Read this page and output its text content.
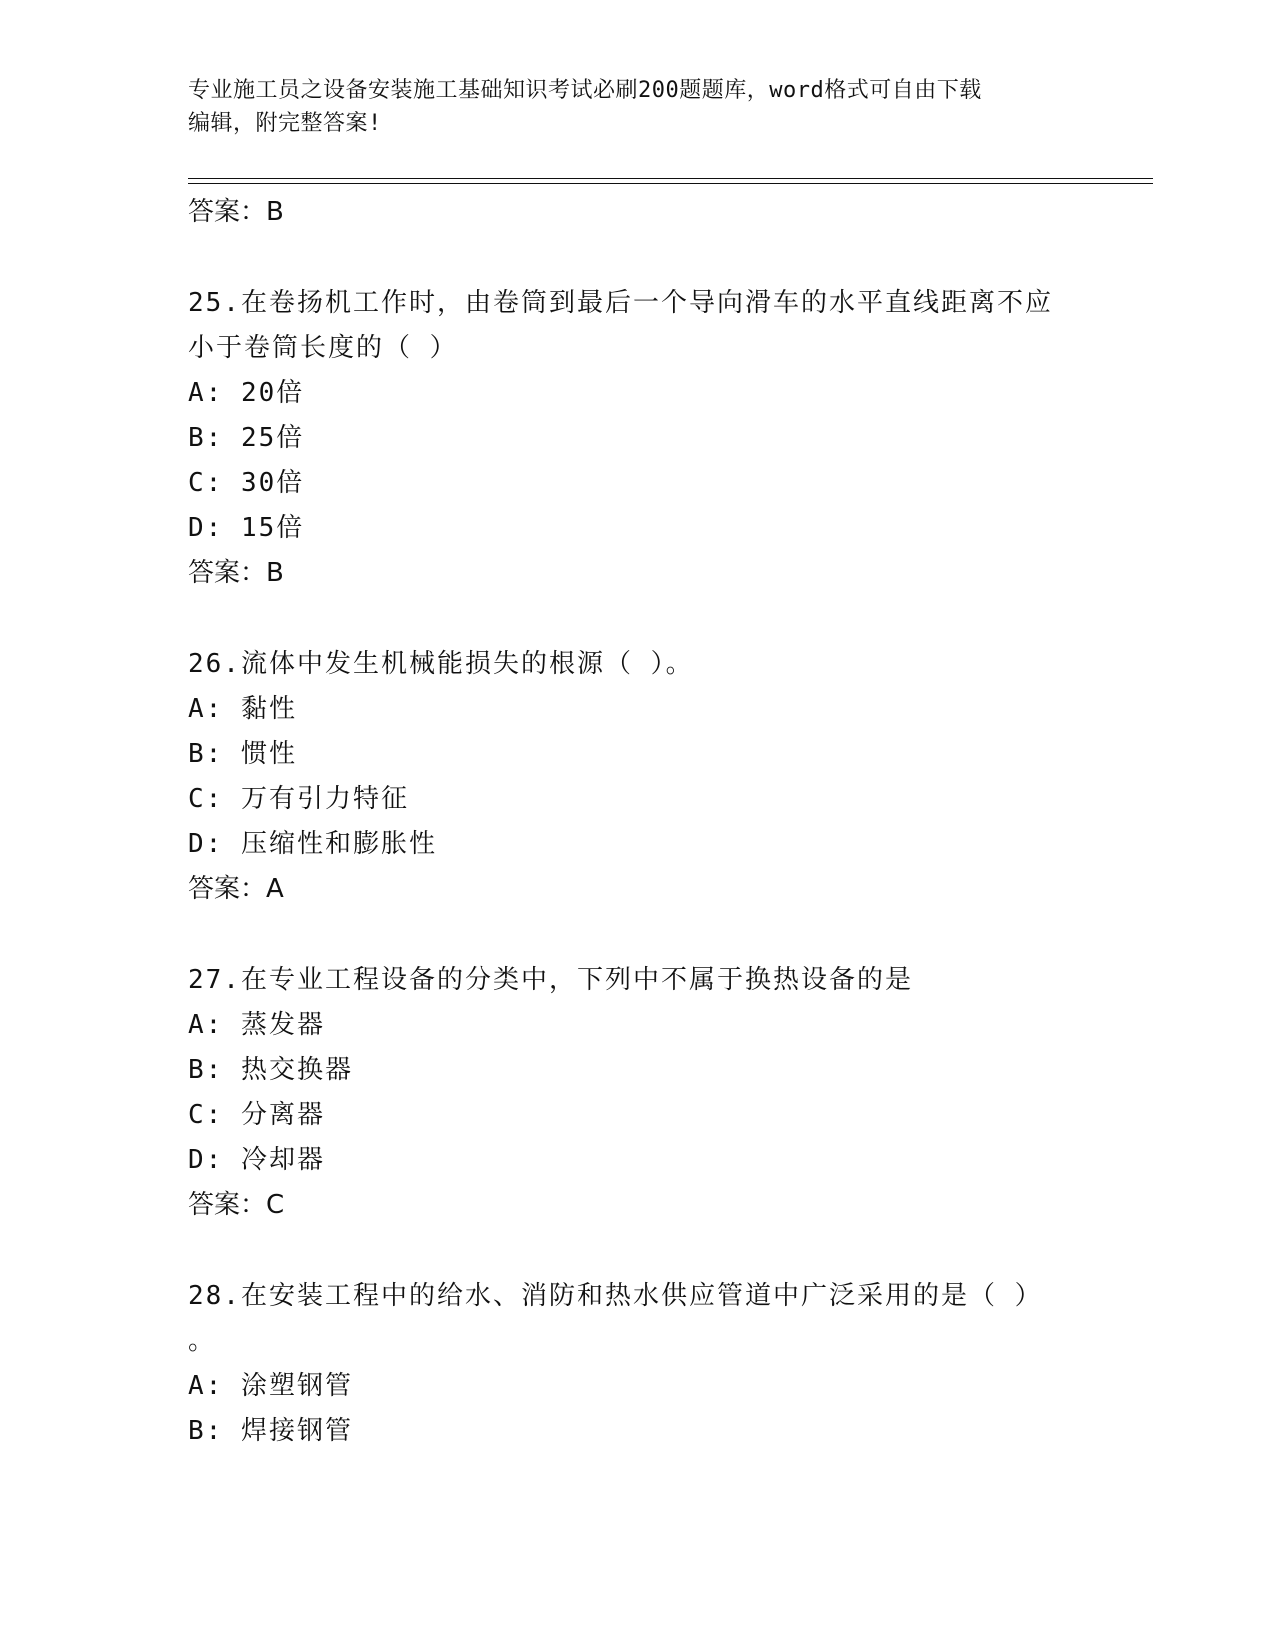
专业施工员之设备安装施工基础知识考试必刷200题题库，word格式可自由下载
编辑，附完整答案!
答案：B
25.在卷扬机工作时，由卷筒到最后一个导向滑车的水平直线距离不应
小于卷筒长度的（ ）
A: 20倍
B: 25倍
C: 30倍
D: 15倍
答案：B
26.流体中发生机械能损失的根源（ ）。
A: 黏性
B: 惯性
C: 万有引力特征
D: 压缩性和膨胀性
答案：A
27.在专业工程设备的分类中，下列中不属于换热设备的是
A: 蒸发器
B: 热交换器
C: 分离器
D: 冷却器
答案：C
28.在安装工程中的给水、消防和热水供应管道中广泛采用的是（ ）
。
A: 涂塑钢管
B: 焊接钢管
